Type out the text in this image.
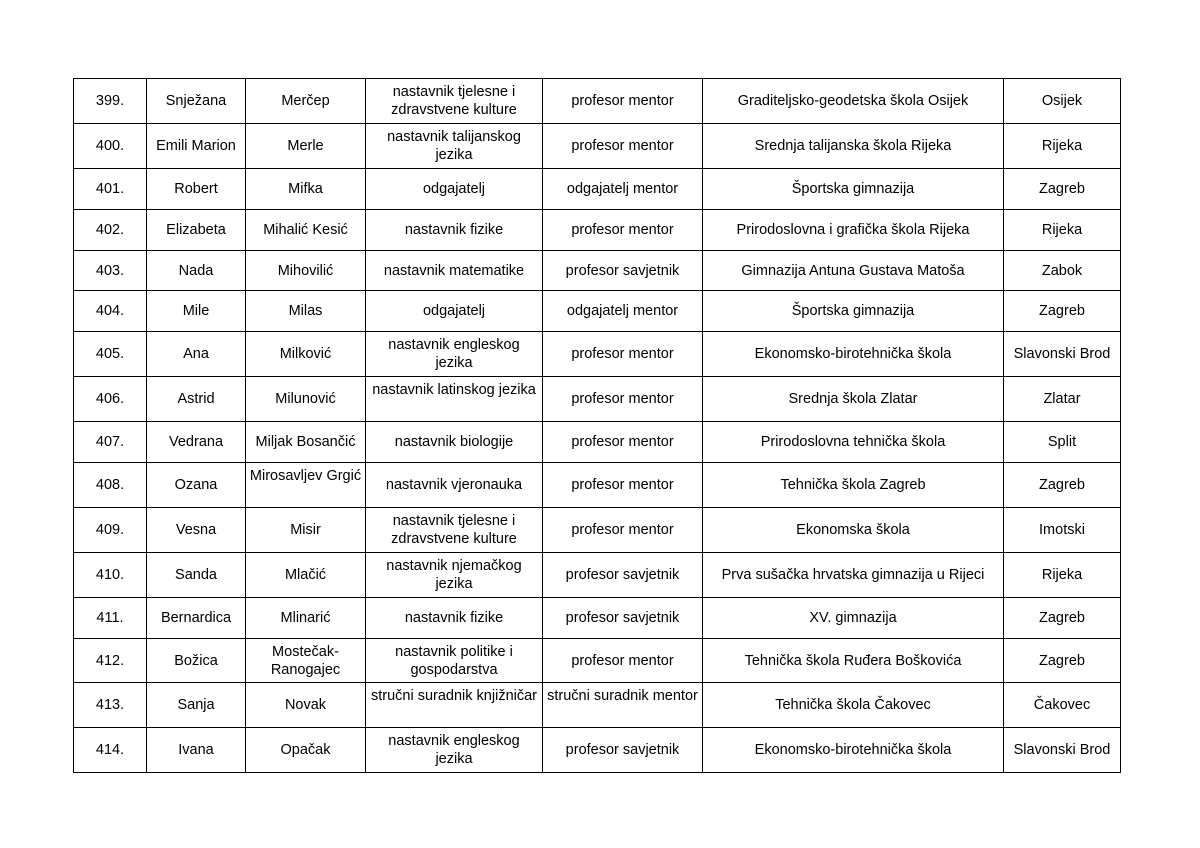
399.	Snježana	Merčep	nastavnik tjelesne i zdravstvene kulture	profesor mentor	Graditeljsko-geodetska škola Osijek	Osijek
400.	Emili Marion	Merle	nastavnik talijanskog jezika	profesor mentor	Srednja talijanska škola Rijeka	Rijeka
401.	Robert	Mifka	odgajatelj	odgajatelj mentor	Športska gimnazija	Zagreb
402.	Elizabeta	Mihalić Kesić	nastavnik fizike	profesor mentor	Prirodoslovna i grafička škola Rijeka	Rijeka
403.	Nada	Mihovilić	nastavnik matematike	profesor savjetnik	Gimnazija Antuna Gustava Matoša	Zabok
404.	Mile	Milas	odgajatelj	odgajatelj mentor	Športska gimnazija	Zagreb
405.	Ana	Milković	nastavnik engleskog jezika	profesor mentor	Ekonomsko-birotehnička škola	Slavonski Brod
406.	Astrid	Milunović	nastavnik latinskog jezika	profesor mentor	Srednja škola Zlatar	Zlatar
407.	Vedrana	Miljak Bosančić	nastavnik biologije	profesor mentor	Prirodoslovna tehnička škola	Split
408.	Ozana	Mirosavljev Grgić	nastavnik vjeronauka	profesor mentor	Tehnička škola Zagreb	Zagreb
409.	Vesna	Misir	nastavnik tjelesne i zdravstvene kulture	profesor mentor	Ekonomska škola	Imotski
410.	Sanda	Mlačić	nastavnik njemačkog jezika	profesor savjetnik	Prva sušačka hrvatska gimnazija u Rijeci	Rijeka
411.	Bernardica	Mlinarić	nastavnik fizike	profesor savjetnik	XV. gimnazija	Zagreb
412.	Božica	Mostečak-Ranogajec	nastavnik politike i gospodarstva	profesor mentor	Tehnička škola Ruđera Boškovića	Zagreb
413.	Sanja	Novak	stručni suradnik knjižničar	stručni suradnik mentor	Tehnička škola Čakovec	Čakovec
414.	Ivana	Opačak	nastavnik engleskog jezika	profesor savjetnik	Ekonomsko-birotehnička škola	Slavonski Brod
